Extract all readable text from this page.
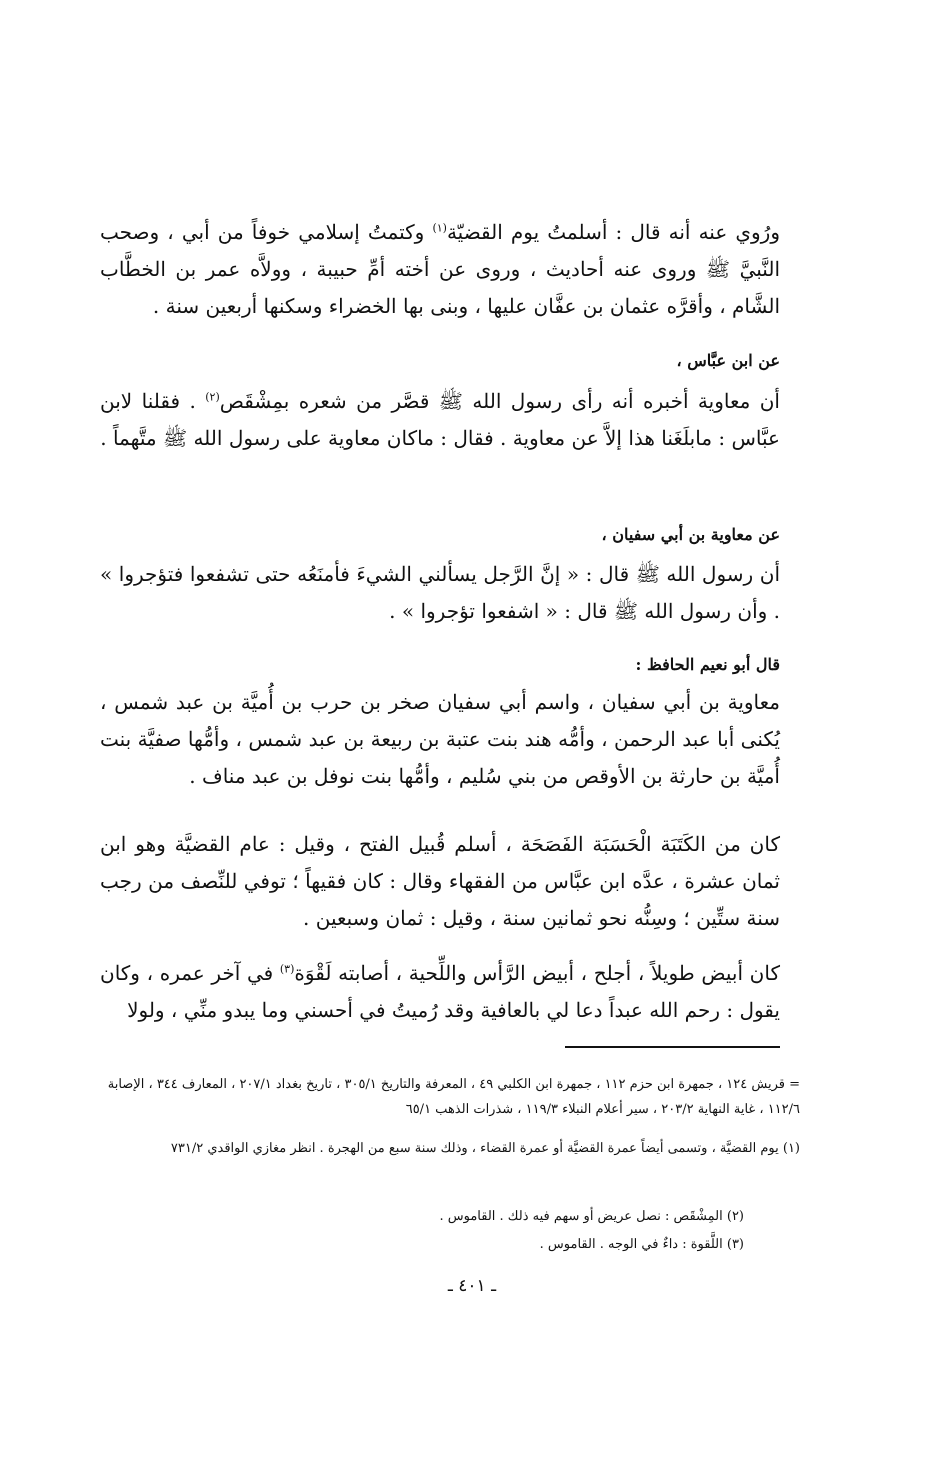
ورُوي عنه أنه قال : أسلمتُ يوم القضيّة$^{(١)}$ وكتمتُ إسلامي خوفاً من أبي ، وصحب النَّبيَّ ﷺ وروى عنه أحاديث ، وروى عن أخته أمِّ حبيبة ، وولاَّه عمر بن الخطَّاب الشَّام ، وأقرَّه عثمان بن عفَّان عليها ، وبنى بها الخضراء وسكنها أربعين سنة .
عن ابن عبَّاس ،
أن معاوية أخبره أنه رأى رسول الله ﷺ قصَّر من شعره بمِشْقَص$^{(٢)}$ . فقلنا لابن عبَّاس : مابلَغَنا هذا إلاَّ عن معاوية . فقال : ماكان معاوية على رسول الله ﷺ متَّهماً .
عن معاوية بن أبي سفيان ،
أن رسول الله ﷺ قال : « إنَّ الرَّجل يسألني الشيءَ فأمنَعُه حتى تشفعوا فتؤجروا » . وأن رسول الله ﷺ قال : « اشفعوا تؤجروا » .
قال أبو نعيم الحافظ :
معاوية بن أبي سفيان ، واسم أبي سفيان صخر بن حرب بن أُميَّة بن عبد شمس ، يُكنى أبا عبد الرحمن ، وأمُّه هند بنت عتبة بن ربيعة بن عبد شمس ، وأمُّها صفيَّة بنت أُميَّة بن حارثة بن الأوقص من بني سُليم ، وأمُّها بنت نوفل بن عبد مناف .
كان من الكَتَبَة الْحَسَبَة الفَصَحَة ، أسلم قُبيل الفتح ، وقيل : عام القضيَّة وهو ابن ثمان عشرة ، عدَّه ابن عبَّاس من الفقهاء وقال : كان فقيهاً ؛ توفي للنِّصف من رجب سنة ستِّين ؛ وسِنُّه نحو ثمانين سنة ، وقيل : ثمان وسبعين .
كان أبيض طويلاً ، أجلح ، أبيض الرَّأس واللِّحية ، أصابته لَقْوَة$^{(٣)}$ في آخر عمره ، وكان يقول : رحم الله عبداً دعا لي بالعافية وقد رُميتُ في أحسني وما يبدو منِّي ، ولولا
= قريش ١٢٤ ، جمهرة ابن حزم ١١٢ ، جمهرة ابن الكلبي ٤٩ ، المعرفة والتاريخ ٣٠٥/١ ، تاريخ بغداد ٢٠٧/١ ، المعارف ٣٤٤ ، الإصابة ١١٢/٦ ، غاية النهاية ٢٠٣/٢ ، سير أعلام النبلاء ١١٩/٣ ، شذرات الذهب ٦٥/١
(١) يوم القضيَّة ، وتسمى أيضاً عمرة القضيَّة أو عمرة القضاء ، وذلك سنة سبع من الهجرة . انظر مغازي الواقدي ٧٣١/٢
(٢) المِشْقَص : نصل عريض أو سهم فيه ذلك . القاموس .
(٣) اللَّقوة : داءٌ في الوجه . القاموس .
ـ ٤٠١ ـ
